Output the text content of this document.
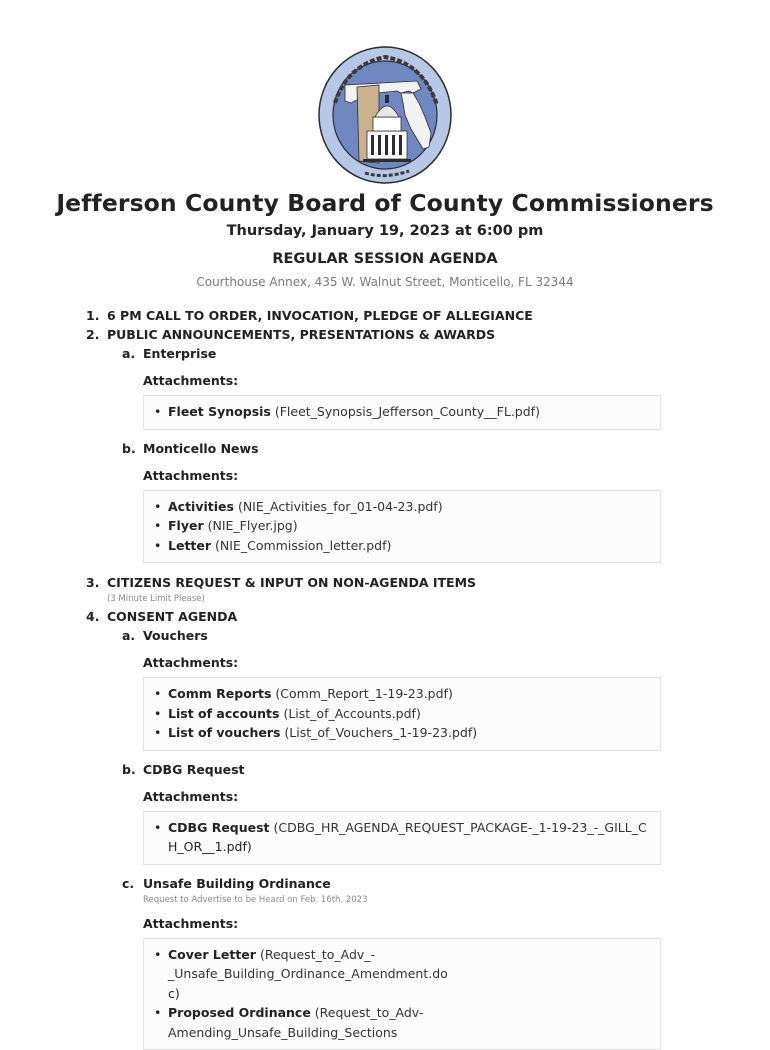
Jefferson County Board of County Commissioners
Thursday, January 19, 2023 at 6:00 pm
REGULAR SESSION AGENDA
Courthouse Annex, 435 W. Walnut Street, Monticello, FL 32344
1. 6 PM CALL TO ORDER, INVOCATION, PLEDGE OF ALLEGIANCE
2. PUBLIC ANNOUNCEMENTS, PRESENTATIONS & AWARDS
a. Enterprise
Attachments:
• Fleet Synopsis (Fleet_Synopsis_Jefferson_County__FL.pdf)
b. Monticello News
Attachments:
• Activities (NIE_Activities_for_01-04-23.pdf)
• Flyer (NIE_Flyer.jpg)
• Letter (NIE_Commission_letter.pdf)
3. CITIZENS REQUEST & INPUT ON NON-AGENDA ITEMS
(3 Minute Limit Please)
4. CONSENT AGENDA
a. Vouchers
Attachments:
• Comm Reports (Comm_Report_1-19-23.pdf)
• List of accounts (List_of_Accounts.pdf)
• List of vouchers (List_of_Vouchers_1-19-23.pdf)
b. CDBG Request
Attachments:
• CDBG Request (CDBG_HR_AGENDA_REQUEST_PACKAGE-_1-19-23_-_GILL_C
H_OR__1.pdf)
c. Unsafe Building Ordinance
Request to Advertise to be Heard on Feb. 16th, 2023
Attachments:
• Cover Letter (Request_to_Adv_-_Unsafe_Building_Ordinance_Amendment.do
c)
• Proposed Ordinance (Request_to_Adv-Amending_Unsafe_Building_Sections
